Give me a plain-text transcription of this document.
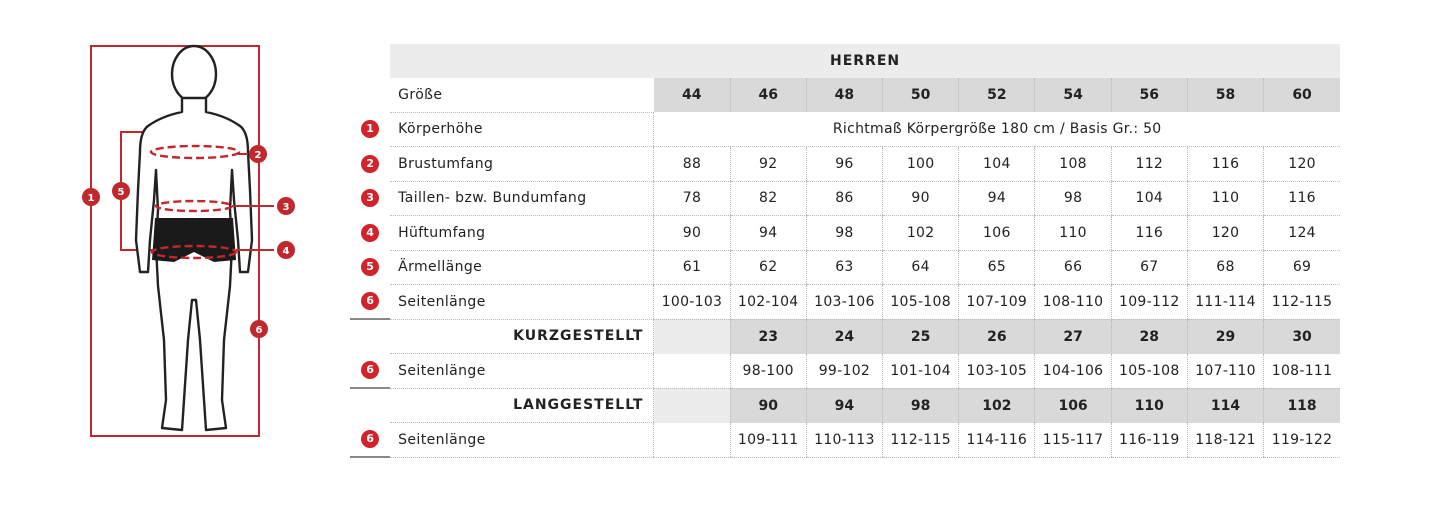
1
2
3
4
5
6
	HERREN									
	Größe	44	46	48	50	52	54	56	58	60
1	Körperhöhe	Richtmaß Körpergröße 180 cm / Basis Gr.: 50								
2	Brustumfang	88	92	96	100	104	108	112	116	120
3	Taillen- bzw. Bundumfang	78	82	86	90	94	98	104	110	116
4	Hüftumfang	90	94	98	102	106	110	116	120	124
5	Ärmellänge	61	62	63	64	65	66	67	68	69
6	Seitenlänge	100-103	102-104	103-106	105-108	107-109	108-110	109-112	111-114	112-115
	KURZGESTELLT		23	24	25	26	27	28	29	30
6	Seitenlänge		98-100	99-102	101-104	103-105	104-106	105-108	107-110	108-111
	LANGGESTELLT		90	94	98	102	106	110	114	118
6	Seitenlänge		109-111	110-113	112-115	114-116	115-117	116-119	118-121	119-122
